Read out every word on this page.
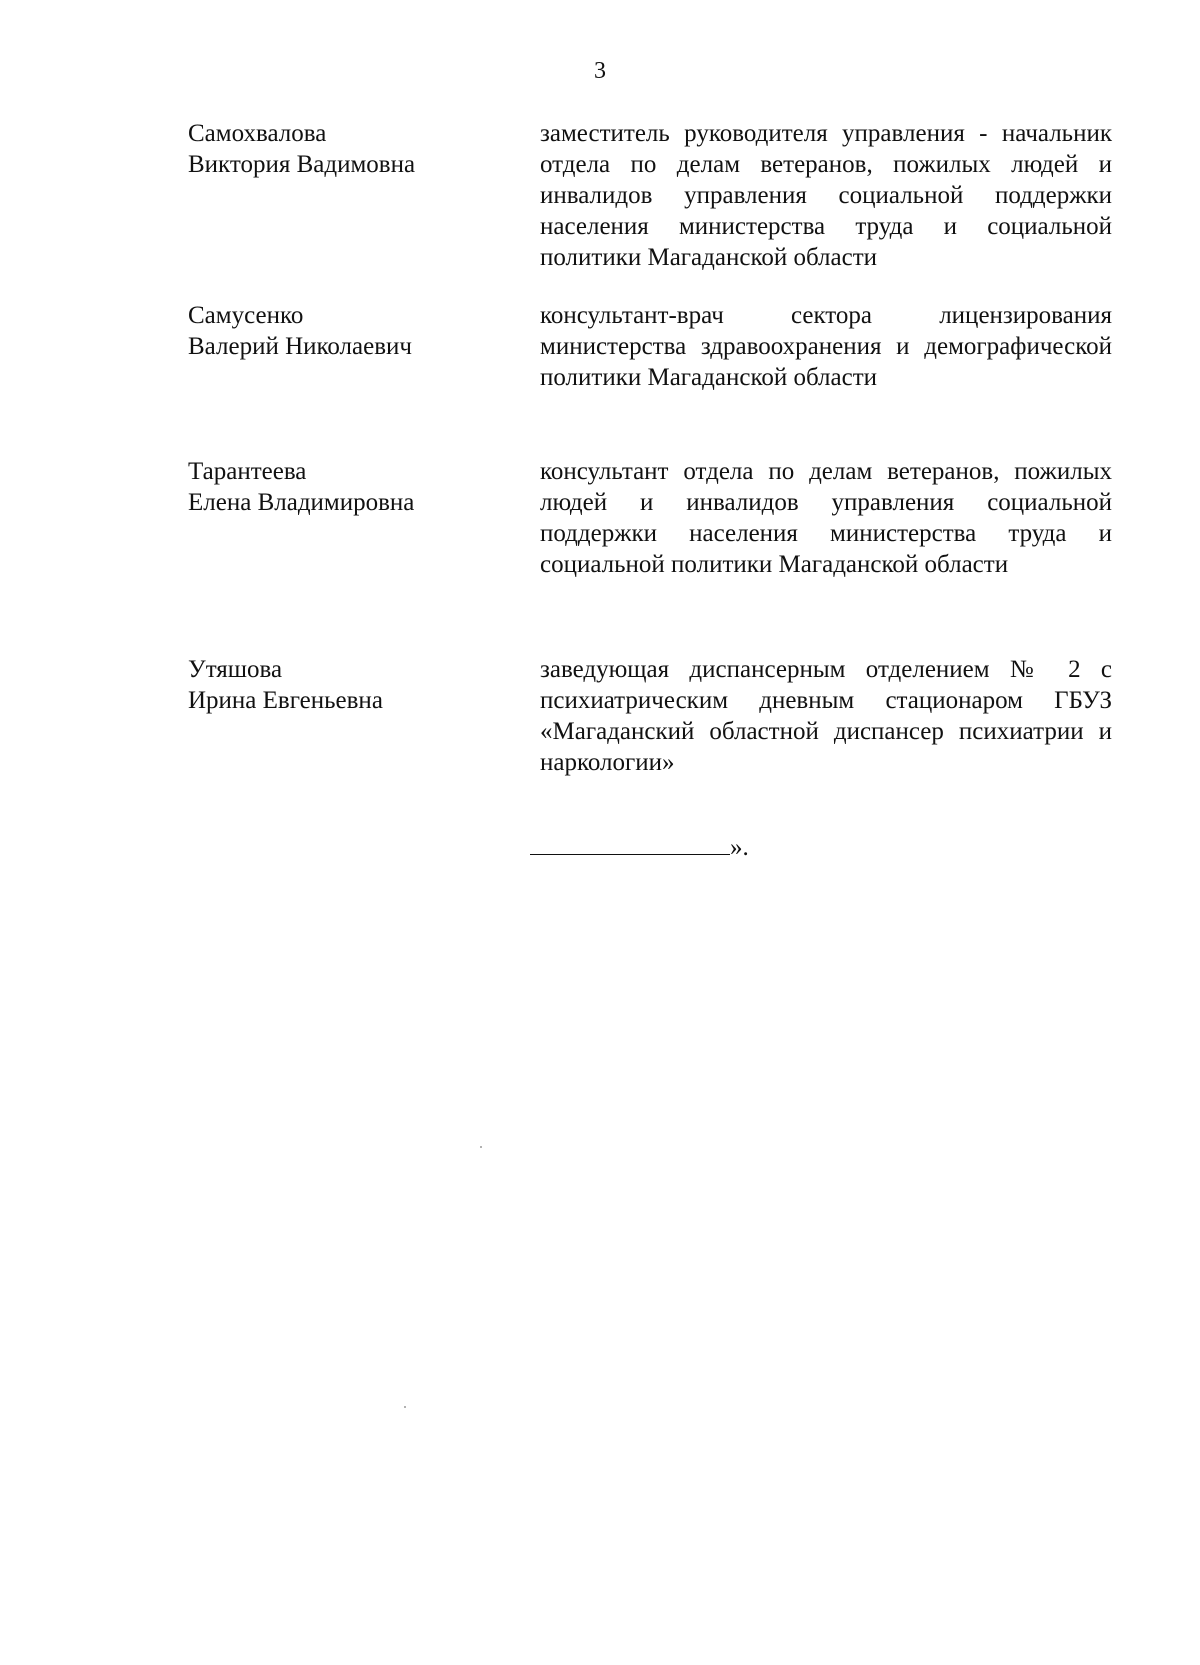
3
Самохвалова
Виктория Вадимовна
заместитель руководителя управления - начальник отдела по делам ветеранов, пожилых людей и инвалидов управления социальной поддержки населения министерства труда и социальной политики Магаданской области
Самусенко
Валерий Николаевич
консультант-врач сектора лицензирования министерства здравоохранения и демографической политики Магаданской области
Тарантеева
Елена Владимировна
консультант отдела по делам ветеранов, пожилых людей и инвалидов управления социальной поддержки населения министерства труда и социальной политики Магаданской области
Утяшова
Ирина Евгеньевна
заведующая диспансерным отделением № 2 с психиатрическим дневным стационаром ГБУЗ «Магаданский областной диспансер психиатрии и наркологии»
».
